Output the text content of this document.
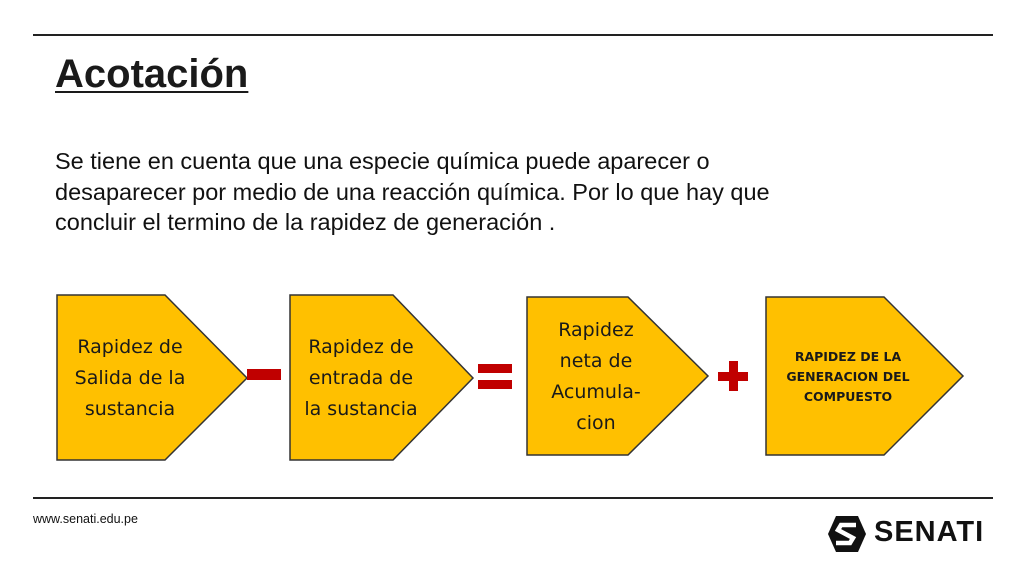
Acotación

Se tiene en cuenta que una especie química puede aparecer o
desaparecer por medio de una reacción química. Por lo que hay que
concluir el termino de la rapidez de generación .

Rapidez de
Salida de la
sustancia
Rapidez de
entrada de
la sustancia
Rapidez
neta de
Acumula-
cion
RAPIDEZ DE LA
GENERACION DEL
COMPUESTO
www.senati.edu.pe	SENATI
